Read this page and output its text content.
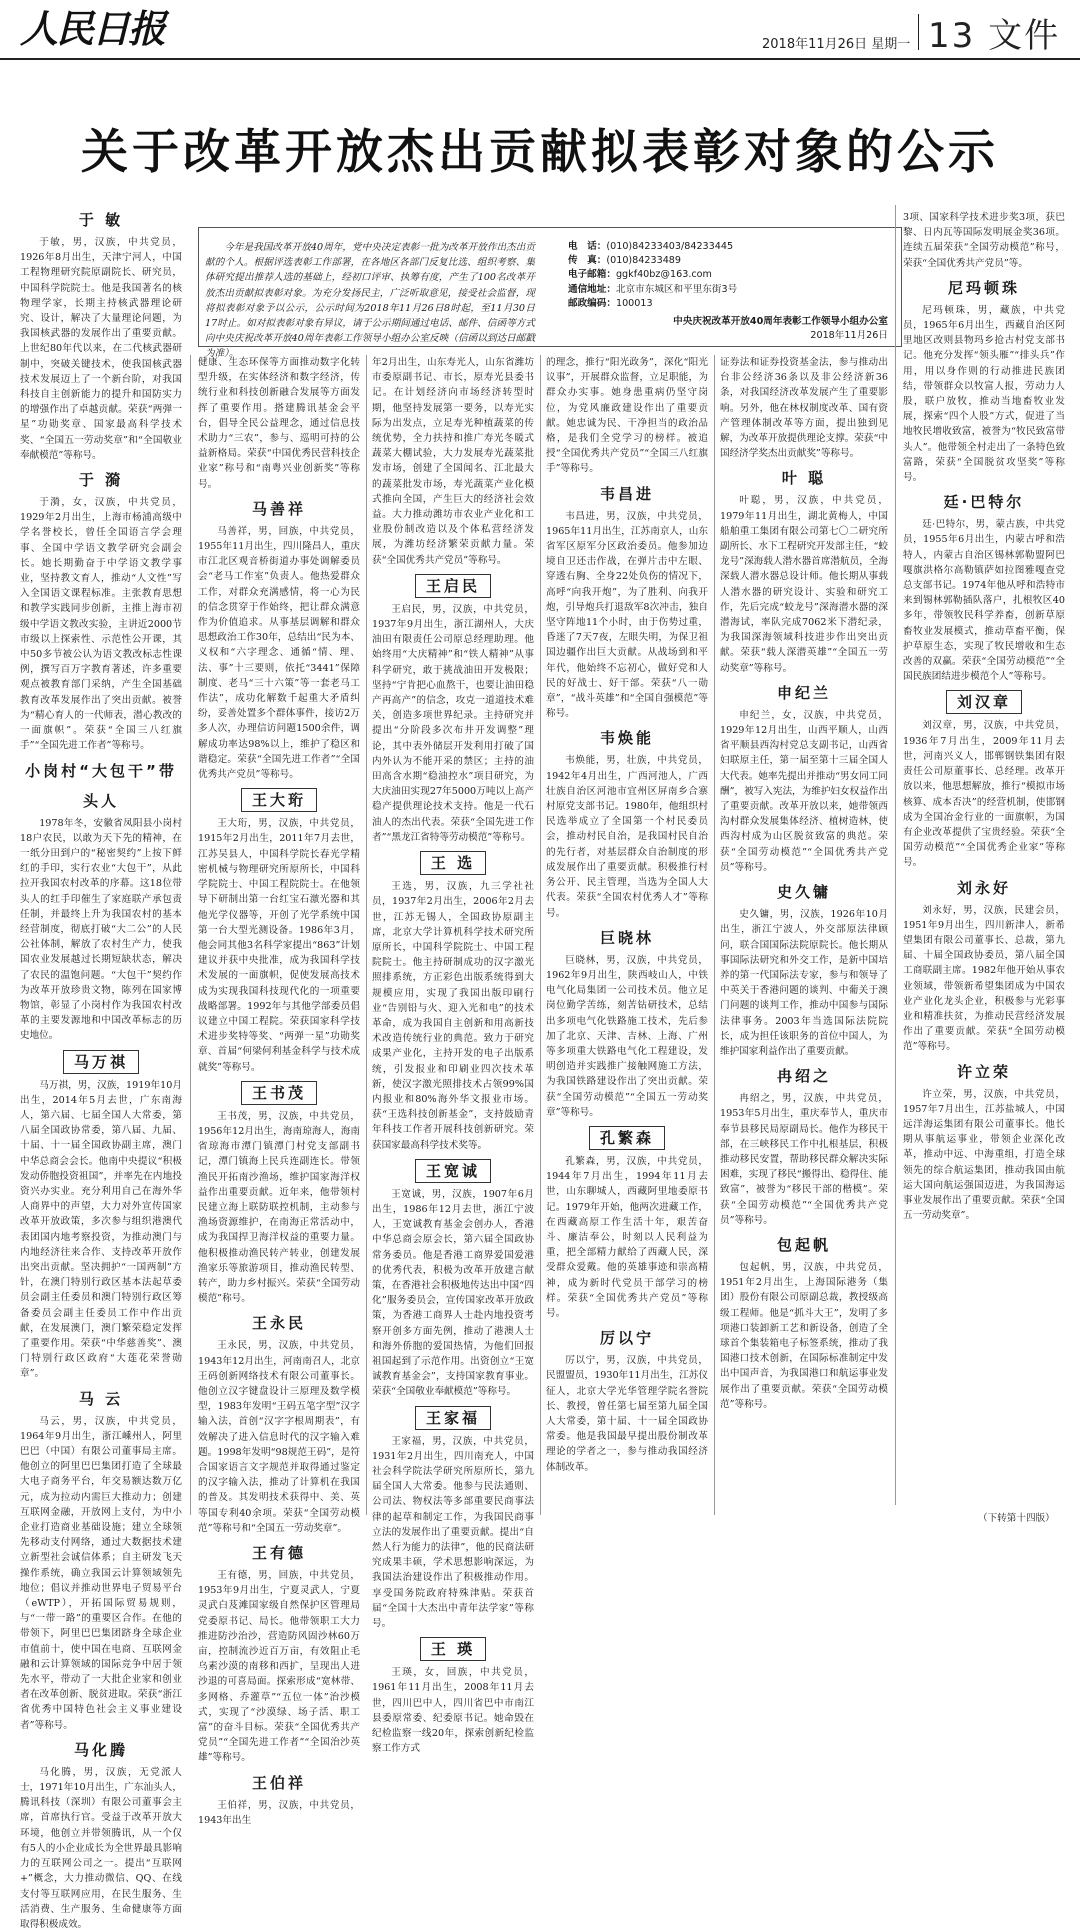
人民日报	2018年11月26日 星期一 13 文件
关于改革开放杰出贡献拟表彰对象的公示

今年是我国改革开放40周年，党中央决定表彰一批为改革开放作出杰出贡献的个人。根据评选表彰工作部署，在各地区各部门反复比选、组织考察、集体研究提出推荐人选的基础上，经初口评审、执筹有度，产生了100名改革开放杰出贡献拟表彰对象。为充分发扬民主，广泛听取意见，接受社会监督，现将拟表彰对象予以公示，公示时间为2018年11月26日8时起，至11月30日17时止。如对拟表彰对象有异议，请于公示期间通过电话、邮件、信函等方式向中央庆祝改革开放40周年表彰工作领导小组办公室反映（信函以到达日邮戳为准）。

电　话：(010)84233403/84233445
传　真：(010)84233489
电子邮箱：ggkf40bz@163.com
通信地址：北京市东城区和平里东街3号
邮政编码：100013
中央庆祝改革开放40周年表彰工作领导小组办公室
2018年11月26日
于 敏

于敏，男，汉族，中共党员，1926年8月出生，天津宁河人，中国工程物理研究院原副院长、研究员，中国科学院院士。他是我国著名的核物理学家，长期主持核武器理论研究、设计，解决了大量理论问题，为我国核武器的发展作出了重要贡献。上世纪80年代以来，在二代核武器研制中，突破关键技术，使我国核武器技术发展迈上了一个新台阶，对我国科技自主创新能力的提升和国防实力的增强作出了卓越贡献。荣获“两弹一星”功勋奖章、国家最高科学技术奖、“全国五一劳动奖章”和“全国敬业奉献模范”等称号。

于 漪

于漪，女，汉族，中共党员，1929年2月出生，上海市杨浦高级中学名誉校长，曾任全国语言学会理事、全国中学语文教学研究会副会长。她长期勤奋于中学语文教学事业，坚持教文育人，推动“人文性”写入全国语文课程标准。主张教育思想和教学实践同步创新，主推上海市初级中学语文教改实验，主讲近2000节市级以上探索性、示范性公开课，其中50多节被公认为语文教改标志性课例，撰写百万字教育著述，许多重要观点被教育部门采纳，产生全国基础教育改革发展作出了突出贡献。被誉为“精心育人的一代师表，潜心教改的一面旗帜”。荣获“全国三八红旗手”“全国先进工作者”等称号。

小岗村“大包干”带头人

1978年冬，安徽省凤阳县小岗村18户农民，以敢为天下先的精神，在一纸分田到户的“秘密契约”上按下鲜红的手印，实行农业“大包干”，从此拉开我国农村改革的序幕。这18位带头人的红手印催生了家庭联产承包责任制，并最终上升为我国农村的基本经营制度，彻底打破“大二公”的人民公社体制，解放了农村生产力，使我国农业发展越过长期短缺状态，解决了农民的温饱问题。“大包干”契约作为改革开放珍贵文物，陈列在国家博物馆，彰显了小岗村作为我国农村改革的主要发源地和中国改革标志的历史地位。

马万祺

马万祺，男，汉族，1919年10月出生，2014年5月去世，广东南海人，第六届、七届全国人大常委，第八届全国政协常委，第八届、九届、十届、十一届全国政协副主席，澳门中华总商会会长。他南中央提议“积极发动侨胞投资祖国”，并率先在内地投资兴办实业。充分利用自己在海外华人商界中的声望，大力对外宣传国家改革开放政策，多次参与组织港澳代表团国内地考察投资，为推动澳门与内地经济往来合作、支持改革开放作出突出贡献。坚决拥护“一国两制”方针，在澳门特别行政区基本法起草委员会副主任委员和澳门特别行政区筹备委员会副主任委员工作中作出贡献，在发展澳门，澳门繁荣稳定发挥了重要作用。荣获“中华慈善奖”、澳门特别行政区政府“大莲花荣誉勋章”。

马 云

马云，男，汉族，中共党员，1964年9月出生，浙江嵊州人，阿里巴巴（中国）有限公司董事局主席。他创立的阿里巴巴集团打造了全球最大电子商务平台，年交易额达数万亿元，成为拉动内需巨大推动力；创建互联网金融，开放网上支付，为中小企业打造商业基础设施；建立全球领先移动支付网络，通过大数据技术建立新型社会诚信体系；自主研发飞天操作系统，确立我国云计算领域领先地位；倡议并推动世界电子贸易平台（eWTP），开拓国际贸易规则，与“一带一路”的重要区合作。在他的带领下，阿里巴巴集团跻身全球企业市值前十，使中国在电商、互联网金融和云计算领域的国际竞争中居于领先水平，带动了一大批企业家和创业者在改革创新、脱贫进取。荣获“浙江省优秀中国特色社会主义事业建设者”等称号。

马化腾

马化腾，男，汉族，无党派人士，1971年10月出生，广东汕头人，腾讯科技（深圳）有限公司董事会主席，首席执行官。受益于改革开放大环境，他创立并带领腾讯，从一个仅有5人的小企业成长为全世界最具影响力的互联网公司之一。提出“互联网+”概念，大力推动微信、QQ、在线支付等互联网应用，在民生服务、生活消费、生产服务、生命健康等方面取得积极成效。

健康、生态环保等方面推动数字化转型升级，在实体经济和数字经济，传统行业和科技创新融合发展等方面发挥了重要作用。搭建腾讯基金会平台，倡导全民公益理念，通过信息技术助力“三农”，参与、巡明可持的公益新格局。荣获“中国优秀民营科技企业家”称号和“南粤兴业创新奖”等称号。

马善祥

马善祥，男，回族，中共党员，1955年11月出生，四川隆昌人，重庆市江北区观音桥街道办事处调解委员会“老马工作室”负责人。他热爱群众工作，对群众充满感情，将一心为民的信念贯穿于作始终，把让群众满意作为价值追求。从事基层调解和群众思想政治工作30年，总结出“民为本、义权和“六字理念、通循“情、理、法、事”十三要则，依托“3441”保障制度、老马“三十六策”等一套老马工作法”，成功化解数千起重大矛盾纠纷，妥善处置多个群体事件，接访2万多人次，办理信访问题1500余件，调解成功率达98%以上，维护了稳区和谐稳定。荣获“全国先进工作者”“全国优秀共产党员”等称号。

王大珩

王大珩，男，汉族，中共党员，1915年2月出生，2011年7月去世，江苏吴县人，中国科学院长春光学精密机械与物理研究所原所长，中国科学院院士、中国工程院院士。在他领导下研制出第一台红宝石激光器和其他光学仪器等，开创了光学系统中国第一台大型光测设备。1986年3月，他会同其他3名科学家提出“863”计划建议并获中央批准，成为我国科学技术发展的一面旗帜，促使发展高技术成为实现我国科技现代化的一项重要战略部署。1992年与其他学部委员倡议建立中国工程院。荣获国家科学技术进步奖特等奖、“两弹一星”功勋奖章、首届“何梁何利基金科学与技术成就奖”等称号。

王书茂

王书茂，男，汉族，中共党员，1956年12月出生，海南琼海人，海南省琼海市潭门镇潭门村党支部副书记，潭门镇海上民兵连副连长。带领渔民开拓南沙渔场，维护国家海洋权益作出重要贡献。近年来，他带领村民建立海上联防联控机制，主动参与渔场资源维护，在南海正常活动中，成为我国捍卫海洋权益的重要力量。他积极推动渔民转产转业，创建发展渔家乐等旅游项目，推动渔民转型、转产，助力乡村振兴。荣获“全国劳动模范”称号。

王永民

王永民，男，汉族，中共党员，1943年12月出生，河南南召人，北京王码创新网络技术有限公司董事长。他创立汉字键盘设计三原理及数学模型，1983年发明“王码五笔字型”汉字输入法，首创“汉字字根周期表”，有效解决了进入信息时代的汉字输入难题。1998年发明“98规范王码”，是符合国家语言文字规范并取得通过鉴定的汉字输入法，推动了计算机在我国的普及。其发明技术获得中、美、英等国专利40余项。荣获“全国劳动模范”等称号和“全国五一劳动奖章”。

王有德

王有德，男，回族，中共党员，1953年9月出生，宁夏灵武人，宁夏灵武白芨滩国家级自然保护区管理局党委原书记、局长。他带领职工大力推进防沙治沙，营造防风固沙林60万亩，控制流沙近百万亩，有效阻止毛乌素沙漠的南移和西扩，呈现出人进沙退的可喜局面。探索形成“宽林带、多网格、乔灌草”“五位一体”治沙模式，实现了“沙漠绿、场子活、职工富”的奋斗目标。荣获“全国优秀共产党员”“全国先进工作者”“全国治沙英雄”等称号。

王伯祥

王伯祥，男，汉族，中共党员，1943年出生

年2月出生，山东寿光人，山东省潍坊市委原副书记、市长，原寿光县委书记。在计划经济向市场经济转型时期，他坚持发展第一要务，以寿光实际为出发点，立足寿光种植蔬菜的传统优势，全力扶持和推广寿光冬暖式蔬菜大棚试验，大力发展寿光蔬菜批发市场，创建了全国闻名、江北最大的蔬菜批发市场，寿光蔬菜产业化模式推向全国，产生巨大的经济社会效益。大力推动潍坊市农业产业化和工业股份制改造以及个体私营经济发展，为潍坊经济繁荣贡献力量。荣获“全国优秀共产党员”等称号。

王启民

王启民，男，汉族，中共党员，1937年9月出生，浙江湖州人，大庆油田有限责任公司原总经理助理。他始终用“大庆精神”和“铁人精神”从事科学研究，敢于挑战油田开发极限；坚持“宁肯把心血熬干，也要让油田稳产再高产”的信念，攻克一道道技术难关，创造多项世界纪录。主持研究并提出“分阶段多次布井开发调整”理论，其中表外储层开发利用打破了国内外认为不能开采的禁区；主持的油田高含水期“稳油控水”项目研究，为大庆油田实现27年5000万吨以上高产稳产提供理论技术支持。他是一代石油人的杰出代表。荣获“全国先进工作者”“黑龙江省特等劳动模范”等称号。

王 选

王选，男，汉族，九三学社社员，1937年2月出生，2006年2月去世，江苏无锡人，全国政协原副主席，北京大学计算机科学技术研究所原所长，中国科学院院士、中国工程院院士。他主持研制成功的汉字激光照排系统，方正彩色出版系统得到大规模应用，实现了我国出版印刷行业“告别铅与火、迎入光和电”的技术革命，成为我国自主创新和用高新技术改造传统行业的典范。致力于研究成果产业化，主持开发的电子出版系统，引发报业和印刷业四次技术革新，使汉字激光照排技术占领99%国内报业和80%海外华文报业市场。获“王选科技创新基金”，支持鼓励青年科技工作者开展科技创新研究。荣获国家最高科学技术奖等。

王宽诚

王宽诚，男，汉族，1907年6月出生，1986年12月去世，浙江宁波人，王宽诚教育基金会创办人，香港中华总商会原会长，第六届全国政协常务委员。他是香港工商界爱国爱港的优秀代表，积极为改革开放建言献策，在香港社会积极地传达出中国“四化”服务委员会，宣传国家改革开放政策，为香港工商界人士赴内地投资考察开创多方面先例，推动了港澳人士和海外侨胞的爱国热情，为他们回报祖国起到了示范作用。出资创立“王宽诚教育基金会”，支持国家教育事业。荣获“全国敬业奉献模范”等称号。

王家福

王家福，男，汉族，中共党员，1931年2月出生，四川南充人，中国社会科学院法学研究所原所长，第九届全国人大常委。他参与民法通则、公司法、物权法等多部重要民商事法律的起草和制定工作，为我国民商事立法的发展作出了重要贡献。提出“自然人行为能力的法律”，他的民商法研究成果丰硕，学术思想影响深远，为我国法治建设作出了积极推动作用。享受国务院政府特殊津贴。荣获首届“全国十大杰出中青年法学家”等称号。

王 瑛

王瑛，女，回族，中共党员，1961年11月出生，2008年11月去世，四川巴中人，四川省巴中市南江县委原常委、纪委原书记。她命毁在纪检监察一线20年，探索创新纪检监察工作方式

的理念，推行“阳光政务”，深化“阳光议事”，开展群众监督，立足职能，为群众办实事。她身患重病仍坚守岗位，为党风廉政建设作出了重要贡献。她忠诚为民、干净担当的政治品格，是我们全党学习的榜样。被追授“全国优秀共产党员”“全国三八红旗手”等称号。

韦昌进

韦昌进，男，汉族，中共党员，1965年11月出生，江苏南京人，山东省军区原军分区政治委员。他参加边境自卫还击作战，在弹片击中左眼、穿透右胸、全身22处负伤的情况下，高呼“向我开炮”，为了胜利、向我开炮，引导炮兵打退敌军8次冲击，独自坚守阵地11个小时，由于伤势过重，昏迷了7天7夜，左眼失明，为保卫祖国边疆作出巨大贡献。从战场到和平年代，他始终不忘初心，做好党和人民的好战士、好干部。荣获“八一勋章”，“战斗英雄”和“全国自强模范”等称号。

韦焕能

韦焕能，男，壮族，中共党员，1942年4月出生，广西河池人，广西壮族自治区河池市宜州区屏南乡合寨村原党支部书记。1980年，他组织村民选举成立了全国第一个村民委员会，推动村民自治，是我国村民自治的先行者，对基层群众自治制度的形成发展作出了重要贡献。积极推行村务公开、民主管理，当选为全国人大代表。荣获“全国农村优秀人才”等称号。

巨晓林

巨晓林，男，汉族，中共党员，1962年9月出生，陕西岐山人，中铁电气化局集团一公司技术员。他立足岗位勤学苦练，刻苦钻研技术，总结出多项电气化铁路施工技术，先后参加了北京、天津、吉林、上海、广州等多项重大铁路电气化工程建设，发明创造并实践推广接触网施工方法，为我国铁路建设作出了突出贡献。荣获“全国劳动模范”“全国五一劳动奖章”等称号。

孔繁森

孔繁森，男，汉族，中共党员，1944年7月出生，1994年11月去世，山东聊城人，西藏阿里地委原书记。1979年开始，他两次进藏工作，在西藏高原工作生活十年，艰苦奋斗、廉洁奉公，时刻以人民利益为重，把全部精力献给了西藏人民，深受群众爱戴。他的英雄事迹和崇高精神，成为新时代党员干部学习的榜样。荣获“全国优秀共产党员”等称号。

厉以宁

厉以宁，男，汉族，中共党员，民盟盟员，1930年11月出生，江苏仪征人，北京大学光华管理学院名誉院长、教授，曾任第七届至第九届全国人大常委，第十届、十一届全国政协常委。他是我国最早提出股份制改革理论的学者之一，参与推动我国经济体制改革。

证券法和证券投资基金法，参与推动出台非公经济36条以及非公经济新36条，对我国经济改革发展产生了重要影响。另外，他在林权制度改革、国有资产管理体制改革等方面，提出独到见解，为改革开放提供理论支撑。荣获“中国经济学奖杰出贡献奖”等称号。

叶 聪

叶聪，男，汉族，中共党员，1979年11月出生，湖北黄梅人，中国船舶重工集团有限公司第七〇二研究所副所长、水下工程研究开发部主任，“蛟龙号”深海载人潜水器首席潜航员，全海深载人潜水器总设计师。他长期从事载人潜水器的研究设计、实验和研究工作，先后完成“蛟龙号”深海潜水器的深潜海试，率队完成7062米下潜纪录，为我国深海领域科技进步作出突出贡献。荣获“载人深潜英雄”“全国五一劳动奖章”等称号。

申纪兰

申纪兰，女，汉族，中共党员，1929年12月出生，山西平顺人，山西省平顺县西沟村党总支副书记，山西省妇联原主任，第一届至第十三届全国人大代表。她率先提出并推动“男女同工同酬”，被写入宪法，为维护妇女权益作出了重要贡献。改革开放以来，她带领西沟村群众发展集体经济、植树造林，使西沟村成为山区脱贫致富的典范。荣获“全国劳动模范”“全国优秀共产党员”等称号。

史久镛

史久镛，男，汉族，1926年10月出生，浙江宁波人，外交部原法律顾问，联合国国际法院原院长。他长期从事国际法研究和外交工作，是新中国培养的第一代国际法专家，参与和领导了中英关于香港问题的谈判、中葡关于澳门问题的谈判工作，推动中国参与国际法律事务。2003年当选国际法院院长，成为担任该职务的首位中国人，为维护国家利益作出了重要贡献。

冉绍之

冉绍之，男，汉族，中共党员，1953年5月出生，重庆奉节人，重庆市奉节县移民局原副局长。他作为移民干部，在三峡移民工作中扎根基层，积极推动移民安置，帮助移民群众解决实际困难，实现了移民“搬得出、稳得住、能致富”，被誉为“移民干部的楷模”。荣获“全国劳动模范”“全国优秀共产党员”等称号。

包起帆

包起帆，男，汉族，中共党员，1951年2月出生，上海国际港务（集团）股份有限公司原副总裁，教授级高级工程师。他是“抓斗大王”，发明了多项港口装卸新工艺和新设备，创造了全球首个集装箱电子标签系统，推动了我国港口技术创新，在国际标准制定中发出中国声音，为我国港口和航运事业发展作出了重要贡献。荣获“全国劳动模范”等称号。

3项、国家科学技术进步奖3项，获巴黎、日内瓦等国际发明展金奖36项。连续五届荣获“全国劳动模范”称号，荣获“全国优秀共产党员”等。

尼玛顿珠

尼玛顿珠，男，藏族，中共党员，1965年6月出生，西藏自治区阿里地区改则县物玛乡抢古村党支部书记。他充分发挥“领头雁”“排头兵”作用，用以身作则的行动推进民族团结，带领群众以牧富人报，劳动力人股，联户放牧，推动当地畜牧业发展，探索“四个人股”方式，促进了当地牧民增收致富，被誉为“牧民致富带头人”。他带领全村走出了一条特色致富路，荣获“全国脱贫攻坚奖”等称号。

廷·巴特尔

廷·巴特尔，男，蒙古族，中共党员，1955年6月出生，内蒙古呼和浩特人，内蒙古自治区锡林郭勒盟阿巴嘎旗洪格尔高勒镇萨如拉图雅嘎查党总支部书记。1974年他从呼和浩特市来到锡林郭勒插队落户，扎根牧区40多年，带领牧民科学养畜，创新草原畜牧业发展模式，推动草畜平衡，保护草原生态，实现了牧民增收和生态改善的双赢。荣获“全国劳动模范”“全国民族团结进步模范个人”等称号。

刘汉章

刘汉章，男，汉族，中共党员，1936年7月出生，2009年11月去世，河南兴义人，邯郸钢铁集团有限责任公司原董事长、总经理。改革开放以来，他思想解放，推行“模拟市场核算、成本否决”的经营机制，使邯钢成为全国冶金行业的一面旗帜，为国有企业改革提供了宝贵经验。荣获“全国劳动模范”“全国优秀企业家”等称号。

刘永好

刘永好，男，汉族，民建会员，1951年9月出生，四川新津人，新希望集团有限公司董事长、总裁，第九届、十届全国政协委员，第八届全国工商联副主席。1982年他开始从事农业领域，带领新希望集团成为中国农业产业化龙头企业，积极参与光彩事业和精准扶贫，为推动民营经济发展作出了重要贡献。荣获“全国劳动模范”等称号。

许立荣

许立荣，男，汉族，中共党员，1957年7月出生，江苏盐城人，中国远洋海运集团有限公司董事长。他长期从事航运事业，带领企业深化改革，推动中远、中海重组，打造全球领先的综合航运集团，推动我国由航运大国向航运强国迈进，为我国海运事业发展作出了重要贡献。荣获“全国五一劳动奖章”。

（下转第十四版）
